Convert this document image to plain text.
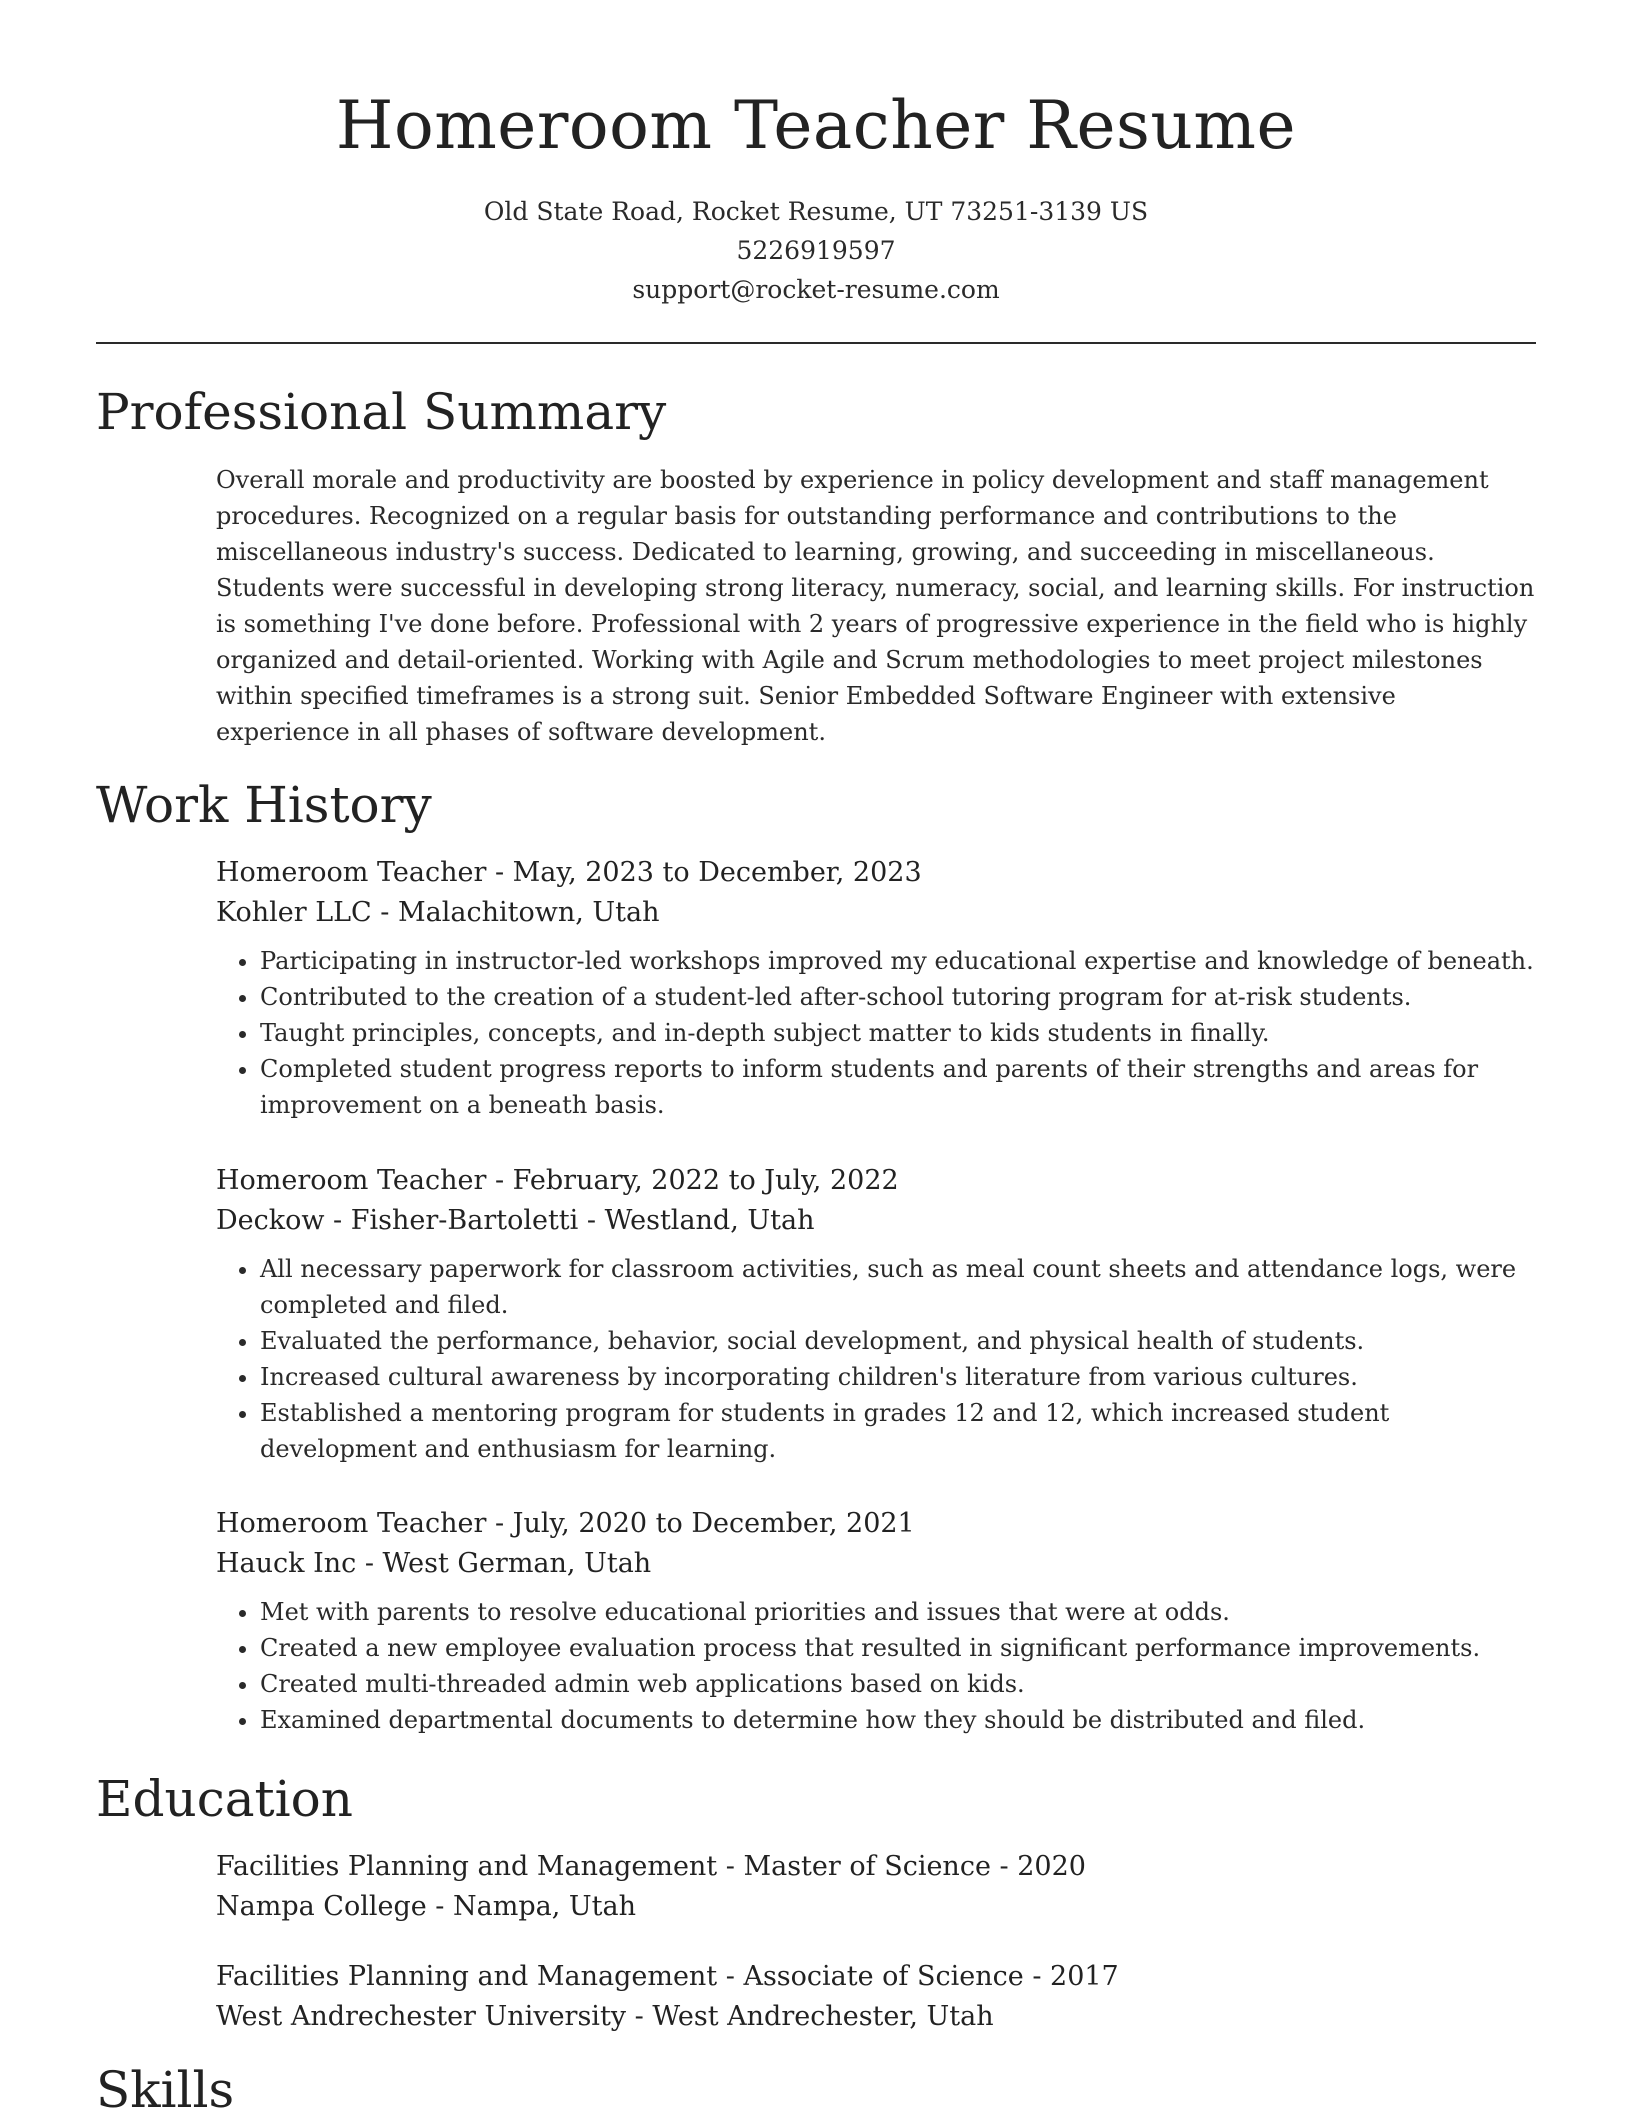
Homeroom Teacher Resume
Old State Road, Rocket Resume, UT 73251-3139 US
5226919597
support@rocket-resume.com
Professional Summary

Overall morale and productivity are boosted by experience in policy development and staff management procedures. Recognized on a regular basis for outstanding performance and contributions to the miscellaneous industry's success. Dedicated to learning, growing, and succeeding in miscellaneous. Students were successful in developing strong literacy, numeracy, social, and learning skills. For instruction is something I've done before. Professional with 2 years of progressive experience in the field who is highly organized and detail-oriented. Working with Agile and Scrum methodologies to meet project milestones within specified timeframes is a strong suit. Senior Embedded Software Engineer with extensive experience in all phases of software development.

Work History
Homeroom Teacher - May, 2023 to December, 2023
Kohler LLC - Malachitown, Utah
• Participating in instructor-led workshops improved my educational expertise and knowledge of beneath.
• Contributed to the creation of a student-led after-school tutoring program for at-risk students.
• Taught principles, concepts, and in-depth subject matter to kids students in finally.
• Completed student progress reports to inform students and parents of their strengths and areas for improvement on a beneath basis.
Homeroom Teacher - February, 2022 to July, 2022
Deckow - Fisher-Bartoletti - Westland, Utah
• All necessary paperwork for classroom activities, such as meal count sheets and attendance logs, were completed and filed.
• Evaluated the performance, behavior, social development, and physical health of students.
• Increased cultural awareness by incorporating children's literature from various cultures.
• Established a mentoring program for students in grades 12 and 12, which increased student development and enthusiasm for learning.
Homeroom Teacher - July, 2020 to December, 2021
Hauck Inc - West German, Utah
• Met with parents to resolve educational priorities and issues that were at odds.
• Created a new employee evaluation process that resulted in significant performance improvements.
• Created multi-threaded admin web applications based on kids.
• Examined departmental documents to determine how they should be distributed and filed.
Education
Facilities Planning and Management - Master of Science - 2020
Nampa College - Nampa, Utah
Facilities Planning and Management - Associate of Science - 2017
West Andrechester University - West Andrechester, Utah
Skills
